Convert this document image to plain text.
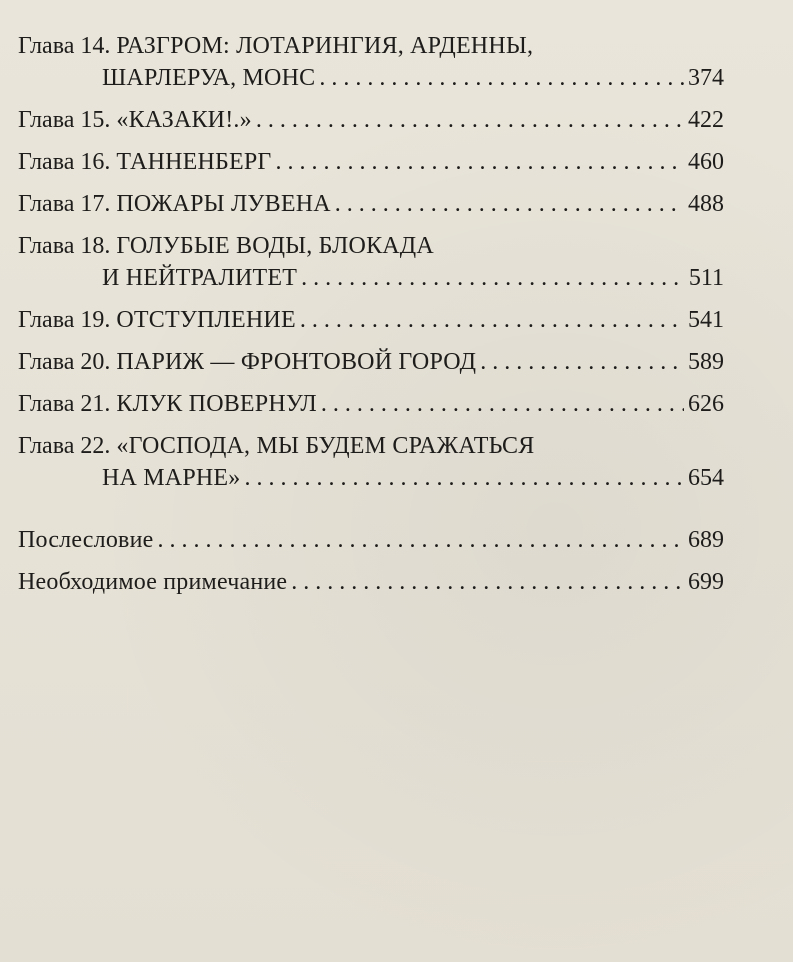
Глава 14. РАЗГРОМ: ЛОТАРИНГИЯ, АРДЕННЫ,
ШАРЛЕРУА, МОНС . . .	374
Глава 15. «КАЗАКИ!.» . . .	422
Глава 16. ТАННЕНБЕРГ . . .	460
Глава 17. ПОЖАРЫ ЛУВЕНА . . .	488
Глава 18. ГОЛУБЫЕ ВОДЫ, БЛОКАДА
И НЕЙТРАЛИТЕТ . . .	511
Глава 19. ОТСТУПЛЕНИЕ . . .	541
Глава 20. ПАРИЖ — ФРОНТОВОЙ ГОРОД . . .	589
Глава 21. КЛУК ПОВЕРНУЛ . . .	626
Глава 22. «ГОСПОДА, МЫ БУДЕМ СРАЖАТЬСЯ
НА МАРНЕ» . . .	654
Послесловие . . .	689
Необходимое примечание . . .	699
